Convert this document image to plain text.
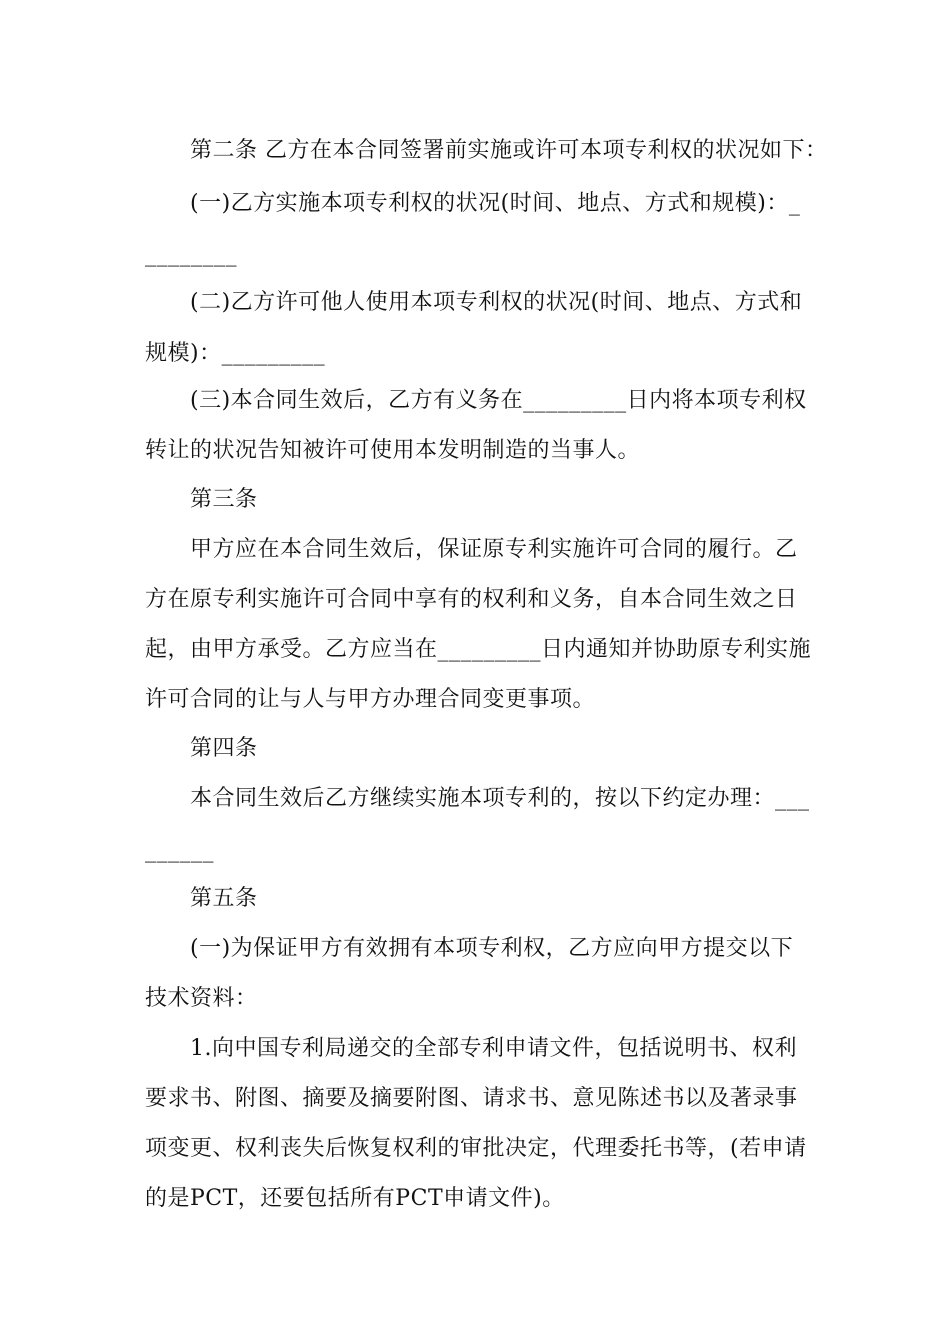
第二条 乙方在本合同签署前实施或许可本项专利权的状况如下：
(一)乙方实施本项专利权的状况(时间、地点、方式和规模)：_
________
(二)乙方许可他人使用本项专利权的状况(时间、地点、方式和
规模)：_________
(三)本合同生效后，乙方有义务在_________日内将本项专利权
转让的状况告知被许可使用本发明制造的当事人。
第三条
甲方应在本合同生效后，保证原专利实施许可合同的履行。乙
方在原专利实施许可合同中享有的权利和义务，自本合同生效之日
起，由甲方承受。乙方应当在_________日内通知并协助原专利实施
许可合同的让与人与甲方办理合同变更事项。
第四条
本合同生效后乙方继续实施本项专利的，按以下约定办理：___
______
第五条
(一)为保证甲方有效拥有本项专利权，乙方应向甲方提交以下
技术资料：
1.向中国专利局递交的全部专利申请文件，包括说明书、权利
要求书、附图、摘要及摘要附图、请求书、意见陈述书以及著录事
项变更、权利丧失后恢复权利的审批决定，代理委托书等，(若申请
的是PCT，还要包括所有PCT申请文件)。
